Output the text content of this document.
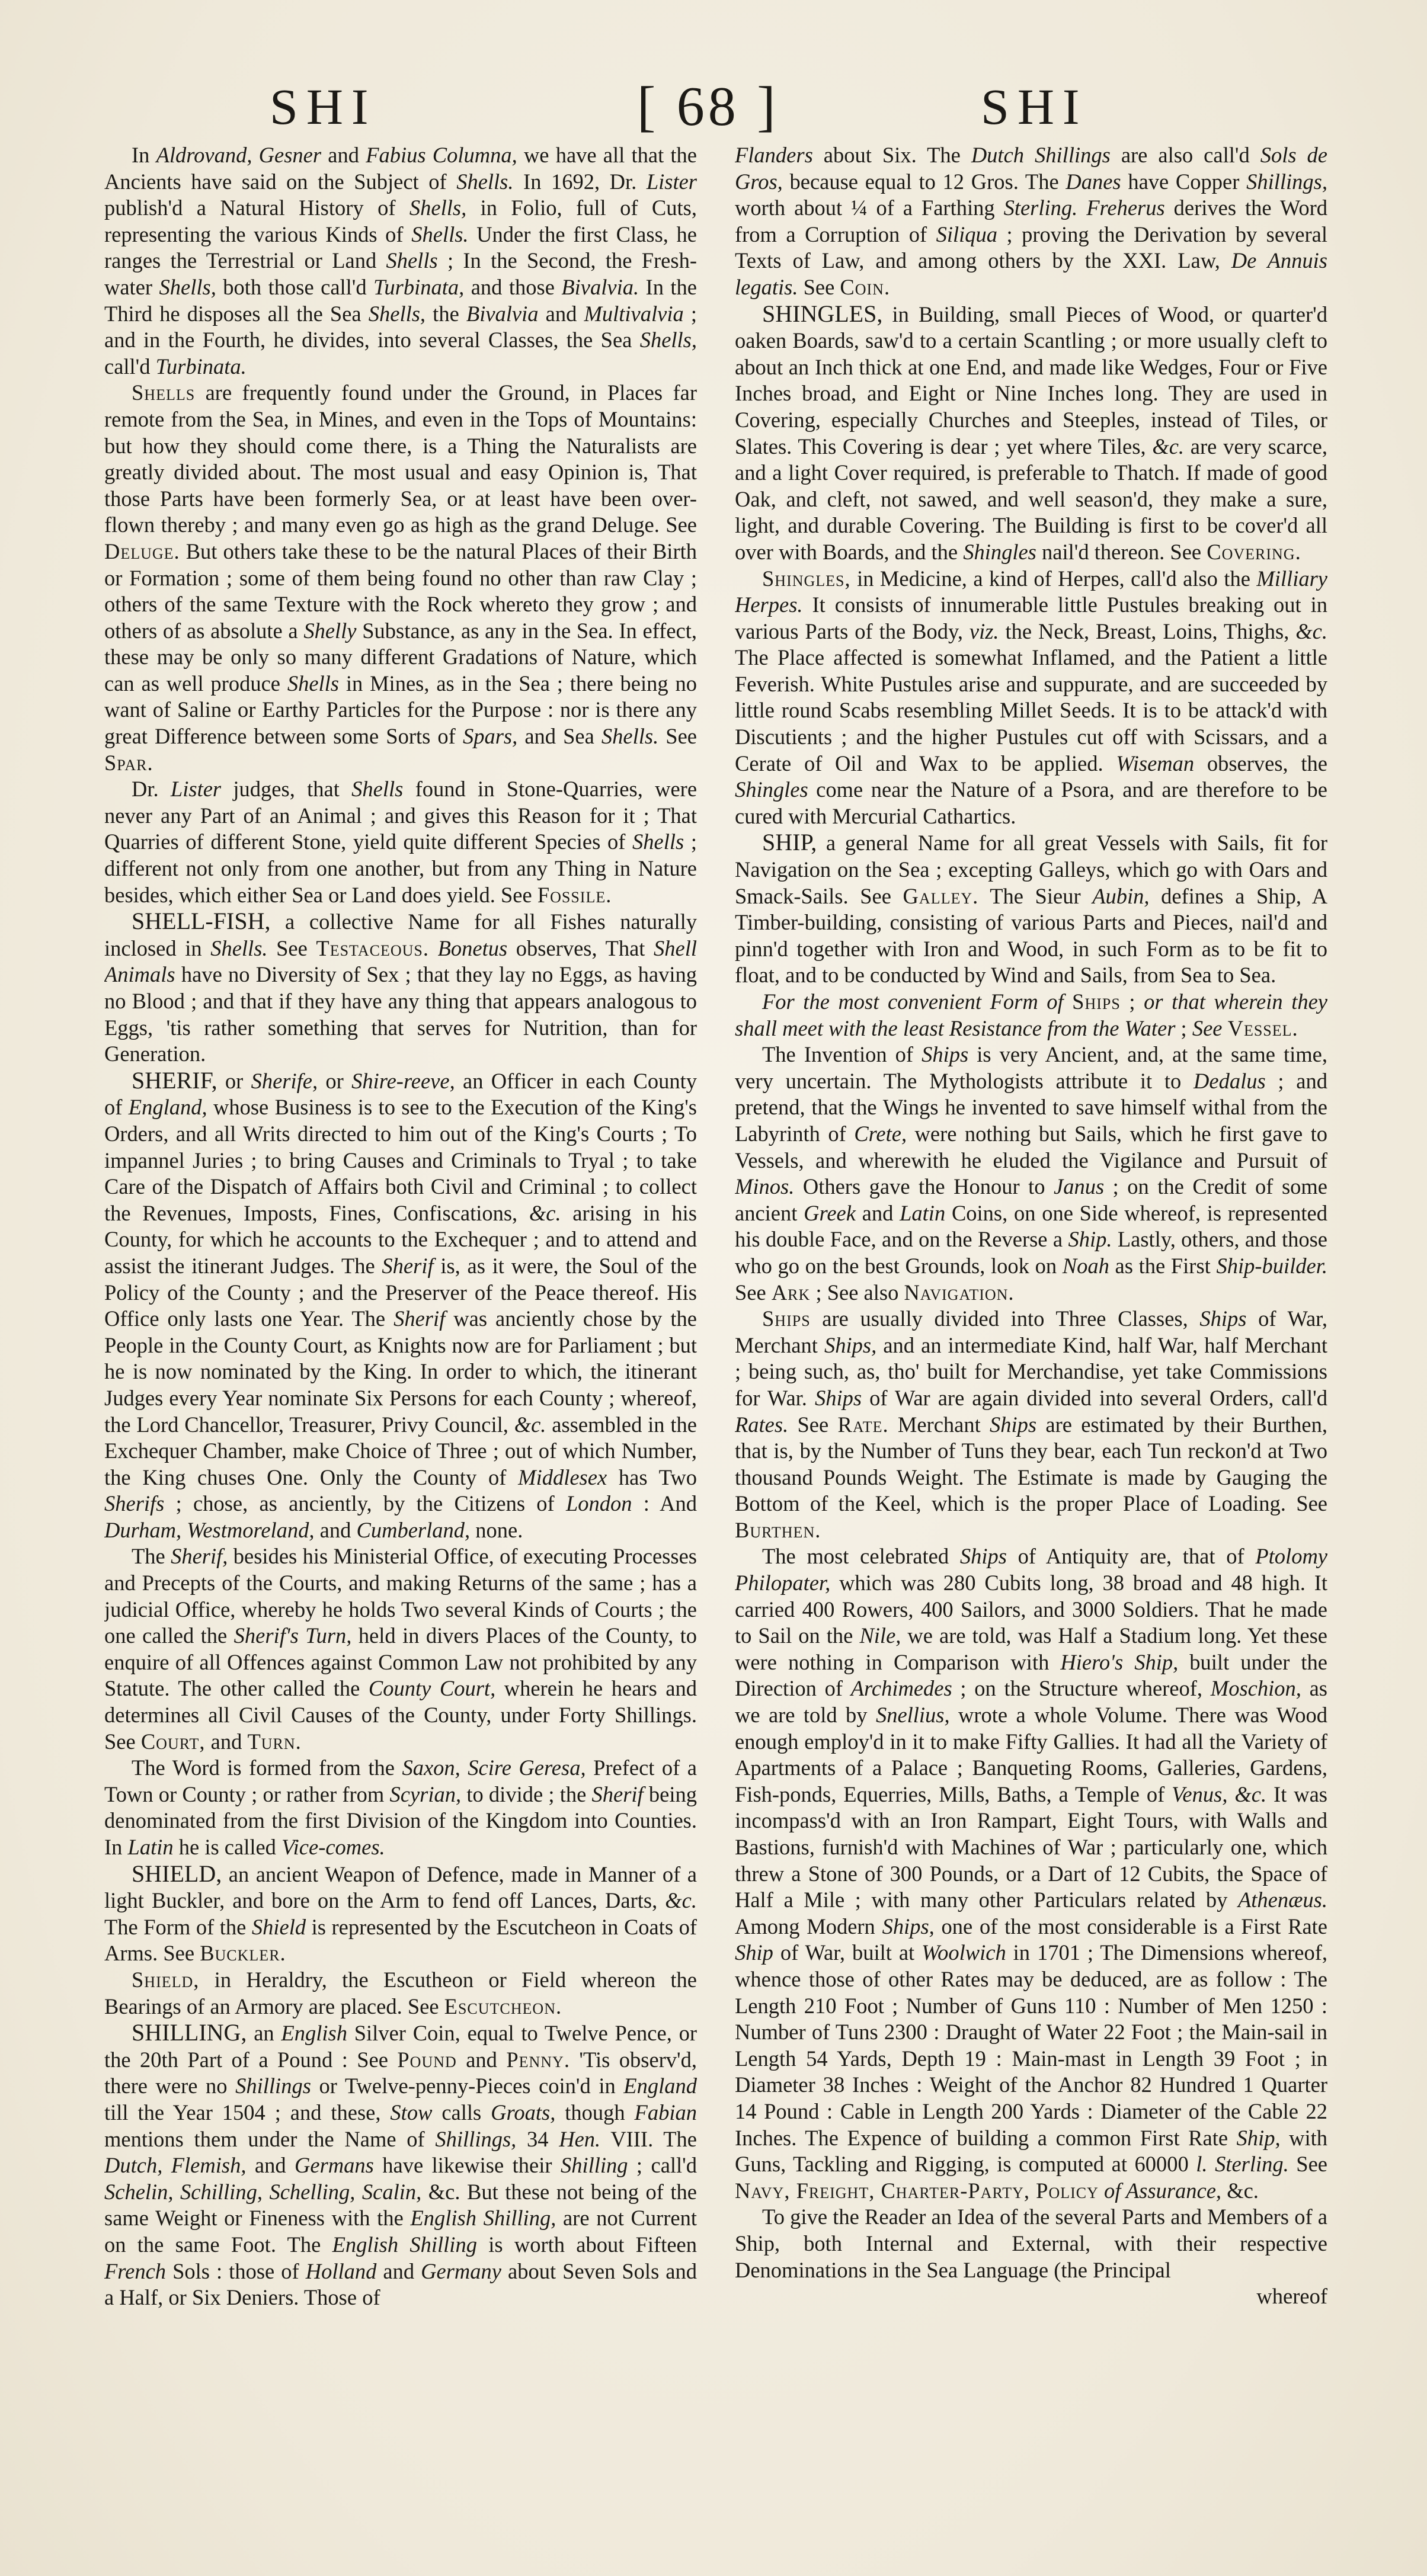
SHI	[ 68 ]	SHI

In Aldrovand, Gesner and Fabius Columna, we have all that the Ancients have said on the Subject of Shells. In 1692, Dr. Lister publish'd a Natural History of Shells, in Folio, full of Cuts, representing the various Kinds of Shells. Under the first Class, he ranges the Terrestrial or Land Shells ; In the Second, the Fresh-water Shells, both those call'd Turbinata, and those Bivalvia. In the Third he disposes all the Sea Shells, the Bivalvia and Multivalvia ; and in the Fourth, he divides, into several Classes, the Sea Shells, call'd Turbinata.

Shells are frequently found under the Ground, in Places far remote from the Sea, in Mines, and even in the Tops of Mountains: but how they should come there, is a Thing the Naturalists are greatly divided about. The most usual and easy Opinion is, That those Parts have been formerly Sea, or at least have been over-flown thereby ; and many even go as high as the grand Deluge. See Deluge. But others take these to be the natural Places of their Birth or Formation ; some of them being found no other than raw Clay ; others of the same Texture with the Rock whereto they grow ; and others of as absolute a Shelly Substance, as any in the Sea. In effect, these may be only so many different Gradations of Nature, which can as well produce Shells in Mines, as in the Sea ; there being no want of Saline or Earthy Particles for the Purpose : nor is there any great Difference between some Sorts of Spars, and Sea Shells. See Spar.

Dr. Lister judges, that Shells found in Stone-Quarries, were never any Part of an Animal ; and gives this Reason for it ; That Quarries of different Stone, yield quite different Species of Shells ; different not only from one another, but from any Thing in Nature besides, which either Sea or Land does yield. See Fossile.

SHELL-FISH, a collective Name for all Fishes naturally inclosed in Shells. See Testaceous. Bonetus observes, That Shell Animals have no Diversity of Sex ; that they lay no Eggs, as having no Blood ; and that if they have any thing that appears analogous to Eggs, 'tis rather something that serves for Nutrition, than for Generation.

SHERIF, or Sherife, or Shire-reeve, an Officer in each County of England, whose Business is to see to the Execution of the King's Orders, and all Writs directed to him out of the King's Courts ; To impannel Juries ; to bring Causes and Criminals to Tryal ; to take Care of the Dispatch of Affairs both Civil and Criminal ; to collect the Revenues, Imposts, Fines, Confiscations, &c. arising in his County, for which he accounts to the Exchequer ; and to attend and assist the itinerant Judges. The Sherif is, as it were, the Soul of the Policy of the County ; and the Preserver of the Peace thereof. His Office only lasts one Year. The Sherif was anciently chose by the People in the County Court, as Knights now are for Parliament ; but he is now nominated by the King. In order to which, the itinerant Judges every Year nominate Six Persons for each County ; whereof, the Lord Chancellor, Treasurer, Privy Council, &c. assembled in the Exchequer Chamber, make Choice of Three ; out of which Number, the King chuses One. Only the County of Middlesex has Two Sherifs ; chose, as anciently, by the Citizens of London : And Durham, Westmoreland, and Cumberland, none.

The Sherif, besides his Ministerial Office, of executing Processes and Precepts of the Courts, and making Returns of the same ; has a judicial Office, whereby he holds Two several Kinds of Courts ; the one called the Sherif's Turn, held in divers Places of the County, to enquire of all Offences against Common Law not prohibited by any Statute. The other called the County Court, wherein he hears and determines all Civil Causes of the County, under Forty Shillings. See Court, and Turn.

The Word is formed from the Saxon, Scire Geresa, Prefect of a Town or County ; or rather from Scyrian, to divide ; the Sherif being denominated from the first Division of the Kingdom into Counties. In Latin he is called Vice-comes.

SHIELD, an ancient Weapon of Defence, made in Manner of a light Buckler, and bore on the Arm to fend off Lances, Darts, &c. The Form of the Shield is represented by the Escutcheon in Coats of Arms. See Buckler.

Shield, in Heraldry, the Escutheon or Field whereon the Bearings of an Armory are placed. See Escutcheon.

SHILLING, an English Silver Coin, equal to Twelve Pence, or the 20th Part of a Pound : See Pound and Penny. 'Tis observ'd, there were no Shillings or Twelve-penny-Pieces coin'd in England till the Year 1504 ; and these, Stow calls Groats, though Fabian mentions them under the Name of Shillings, 34 Hen. VIII. The Dutch, Flemish, and Germans have likewise their Shilling ; call'd Schelin, Schilling, Schelling, Scalin, &c. But these not being of the same Weight or Fineness with the English Shilling, are not Current on the same Foot. The English Shilling is worth about Fifteen French Sols : those of Holland and Germany about Seven Sols and a Half, or Six Deniers. Those of

Flanders about Six. The Dutch Shillings are also call'd Sols de Gros, because equal to 12 Gros. The Danes have Copper Shillings, worth about ¼ of a Farthing Sterling. Freherus derives the Word from a Corruption of Siliqua ; proving the Derivation by several Texts of Law, and among others by the XXI. Law, De Annuis legatis. See Coin.

SHINGLES, in Building, small Pieces of Wood, or quarter'd oaken Boards, saw'd to a certain Scantling ; or more usually cleft to about an Inch thick at one End, and made like Wedges, Four or Five Inches broad, and Eight or Nine Inches long. They are used in Covering, especially Churches and Steeples, instead of Tiles, or Slates. This Covering is dear ; yet where Tiles, &c. are very scarce, and a light Cover required, is preferable to Thatch. If made of good Oak, and cleft, not sawed, and well season'd, they make a sure, light, and durable Covering. The Building is first to be cover'd all over with Boards, and the Shingles nail'd thereon. See Covering.

Shingles, in Medicine, a kind of Herpes, call'd also the Milliary Herpes. It consists of innumerable little Pustules breaking out in various Parts of the Body, viz. the Neck, Breast, Loins, Thighs, &c. The Place affected is somewhat Inflamed, and the Patient a little Feverish. White Pustules arise and suppurate, and are succeeded by little round Scabs resembling Millet Seeds. It is to be attack'd with Discutients ; and the higher Pustules cut off with Scissars, and a Cerate of Oil and Wax to be applied. Wiseman observes, the Shingles come near the Nature of a Psora, and are therefore to be cured with Mercurial Cathartics.

SHIP, a general Name for all great Vessels with Sails, fit for Navigation on the Sea ; excepting Galleys, which go with Oars and Smack-Sails. See Galley. The Sieur Aubin, defines a Ship, A Timber-building, consisting of various Parts and Pieces, nail'd and pinn'd together with Iron and Wood, in such Form as to be fit to float, and to be conducted by Wind and Sails, from Sea to Sea.

For the most convenient Form of Ships ; or that wherein they shall meet with the least Resistance from the Water ; See Vessel.

The Invention of Ships is very Ancient, and, at the same time, very uncertain. The Mythologists attribute it to Dedalus ; and pretend, that the Wings he invented to save himself withal from the Labyrinth of Crete, were nothing but Sails, which he first gave to Vessels, and wherewith he eluded the Vigilance and Pursuit of Minos. Others gave the Honour to Janus ; on the Credit of some ancient Greek and Latin Coins, on one Side whereof, is represented his double Face, and on the Reverse a Ship. Lastly, others, and those who go on the best Grounds, look on Noah as the First Ship-builder. See Ark ; See also Navigation.

Ships are usually divided into Three Classes, Ships of War, Merchant Ships, and an intermediate Kind, half War, half Merchant ; being such, as, tho' built for Merchandise, yet take Commissions for War. Ships of War are again divided into several Orders, call'd Rates. See Rate. Merchant Ships are estimated by their Burthen, that is, by the Number of Tuns they bear, each Tun reckon'd at Two thousand Pounds Weight. The Estimate is made by Gauging the Bottom of the Keel, which is the proper Place of Loading. See Burthen.

The most celebrated Ships of Antiquity are, that of Ptolomy Philopater, which was 280 Cubits long, 38 broad and 48 high. It carried 400 Rowers, 400 Sailors, and 3000 Soldiers. That he made to Sail on the Nile, we are told, was Half a Stadium long. Yet these were nothing in Comparison with Hiero's Ship, built under the Direction of Archimedes ; on the Structure whereof, Moschion, as we are told by Snellius, wrote a whole Volume. There was Wood enough employ'd in it to make Fifty Gallies. It had all the Variety of Apartments of a Palace ; Banqueting Rooms, Galleries, Gardens, Fish-ponds, Equerries, Mills, Baths, a Temple of Venus, &c. It was incompass'd with an Iron Rampart, Eight Tours, with Walls and Bastions, furnish'd with Machines of War ; particularly one, which threw a Stone of 300 Pounds, or a Dart of 12 Cubits, the Space of Half a Mile ; with many other Particulars related by Athenæus. Among Modern Ships, one of the most considerable is a First Rate Ship of War, built at Woolwich in 1701 ; The Dimensions whereof, whence those of other Rates may be deduced, are as follow : The Length 210 Foot ; Number of Guns 110 : Number of Men 1250 : Number of Tuns 2300 : Draught of Water 22 Foot ; the Main-sail in Length 54 Yards, Depth 19 : Main-mast in Length 39 Foot ; in Diameter 38 Inches : Weight of the Anchor 82 Hundred 1 Quarter 14 Pound : Cable in Length 200 Yards : Diameter of the Cable 22 Inches. The Expence of building a common First Rate Ship, with Guns, Tackling and Rigging, is computed at 60000 l. Sterling. See Navy, Freight, Charter-Party, Policy of Assurance, &c.

To give the Reader an Idea of the several Parts and Members of a Ship, both Internal and External, with their respective Denominations in the Sea Language (the Principal

whereof
